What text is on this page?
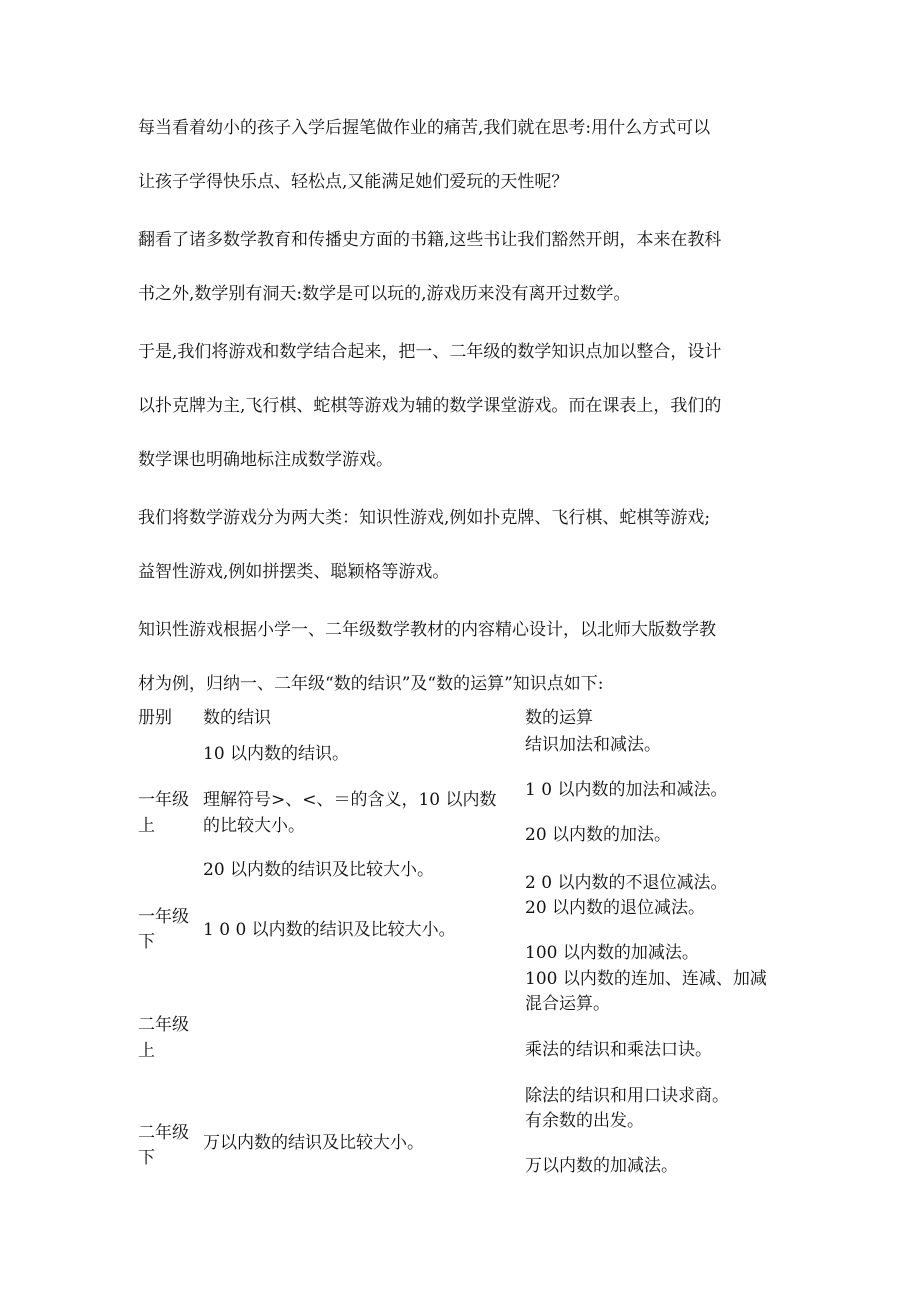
每当看着幼小的孩子入学后握笔做作业的痛苦,我们就在思考:用什么方式可以
让孩子学得快乐点、轻松点,又能满足她们爱玩的天性呢？
翻看了诸多数学教育和传播史方面的书籍,这些书让我们豁然开朗，本来在教科
书之外,数学别有洞天:数学是可以玩的,游戏历来没有离开过数学。
于是,我们将游戏和数学结合起来，把一、二年级的数学知识点加以整合，设计
以扑克牌为主,飞行棋、蛇棋等游戏为辅的数学课堂游戏。而在课表上，我们的
数学课也明确地标注成数学游戏。
我们将数学游戏分为两大类：知识性游戏,例如扑克牌、飞行棋、蛇棋等游戏;
益智性游戏,例如拼摆类、聪颖格等游戏。
知识性游戏根据小学一、二年级数学教材的内容精心设计，以北师大版数学教
材为例，归纳一、二年级“数的结识”及“数的运算”知识点如下:
册别 数的结识	数的运算
一年级
上
一年级
下
二年级
上
二年级
下
10 以内数的结识。
理解符号>、<、＝的含义，10 以内数
的比较大小。
20 以内数的结识及比较大小。
1 0 0 以内数的结识及比较大小。
万以内数的结识及比较大小。
结识加法和减法。
1 0 以内数的加法和减法。
20 以内数的加法。
2 0 以内数的不退位减法。
20 以内数的退位减法。
100 以内数的加减法。
100 以内数的连加、连减、加减
混合运算。
乘法的结识和乘法口诀。
除法的结识和用口诀求商。
有余数的出发。
万以内数的加减法。
